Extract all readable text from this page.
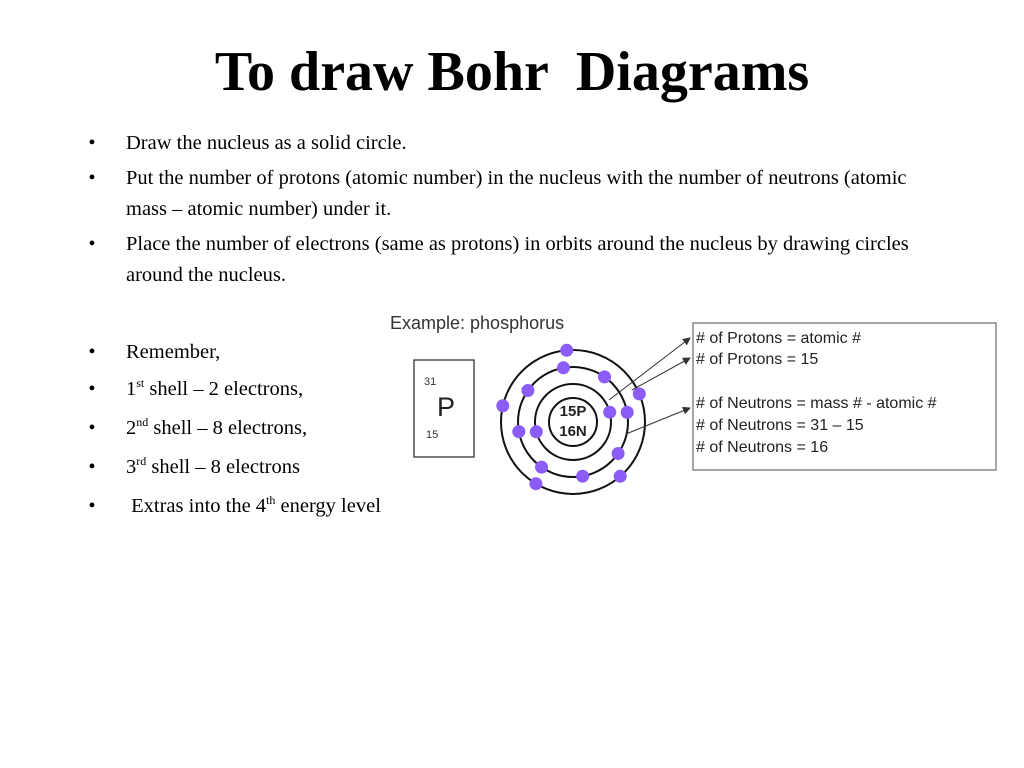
To draw Bohr  Diagrams
• Draw the nucleus as a solid circle.
• Put the number of protons (atomic number) in the nucleus with the number of neutrons (atomic mass – atomic number) under it.
• Place the number of electrons (same as protons) in orbits around the nucleus by drawing circles around the nucleus.
• Remember,
• 1st shell – 2 electrons,
• 2nd shell – 8 electrons,
• 3rd shell – 8 electrons
• Extras into the 4th energy level
Example: phosphorus
31
P
15
15P
16N
# of Protons = atomic #
# of Protons = 15
# of Neutrons = mass # - atomic #
# of Neutrons = 31 – 15
# of Neutrons = 16
